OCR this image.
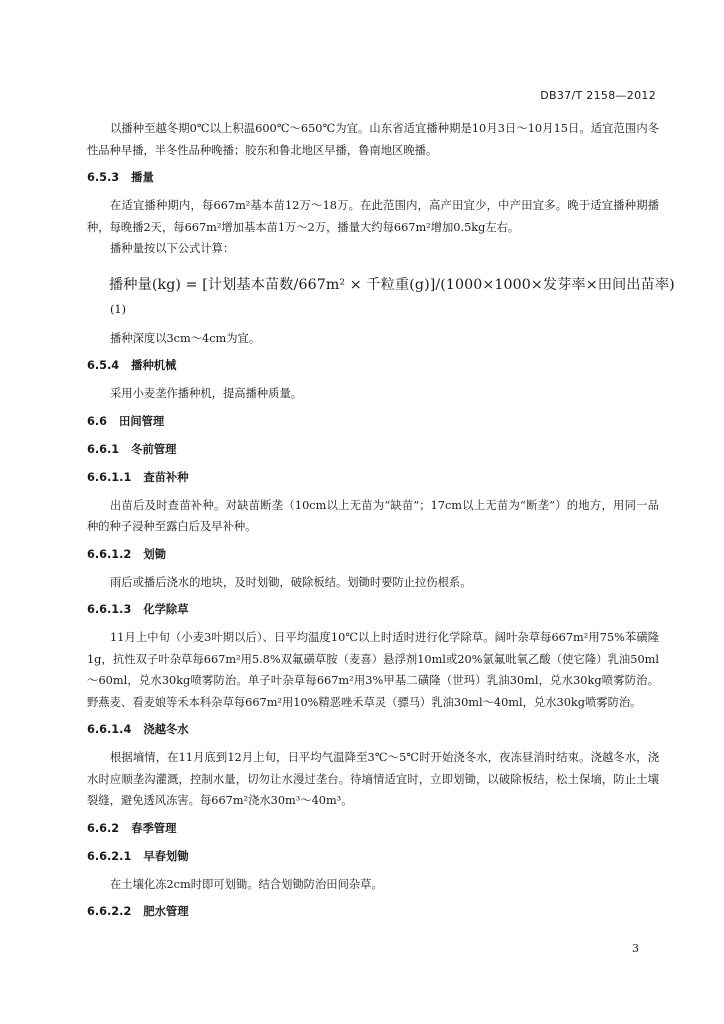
DB37/T 2158—2012

以播种至越冬期0℃以上积温600℃～650℃为宜。山东省适宜播种期是10月3日～10月15日。适宜范围内冬性品种早播，半冬性品种晚播；胶东和鲁北地区早播，鲁南地区晚播。

6.5.3 播量

在适宜播种期内，每667m²基本苗12万～18万。在此范围内，高产田宜少，中产田宜多。晚于适宜播种期播种，每晚播2天，每667m²增加基本苗1万～2万，播量大约每667m²增加0.5kg左右。

播种量按以下公式计算：

播种量(kg) = [计划基本苗数/667m² × 千粒重(g)]/(1000×1000×发芽率×田间出苗率)
(1)

播种深度以3cm～4cm为宜。

6.5.4 播种机械

采用小麦垄作播种机，提高播种质量。

6.6 田间管理
6.6.1 冬前管理
6.6.1.1 查苗补种

出苗后及时查苗补种。对缺苗断垄（10cm以上无苗为“缺苗”；17cm以上无苗为“断垄”）的地方，用同一品种的种子浸种至露白后及早补种。

6.6.1.2 划锄

雨后或播后浇水的地块，及时划锄，破除板结。划锄时要防止拉伤根系。

6.6.1.3 化学除草

11月上中旬（小麦3叶期以后）、日平均温度10℃以上时适时进行化学除草。阔叶杂草每667m²用75%苯磺隆1g，抗性双子叶杂草每667m²用5.8%双氟磺草胺（麦喜）悬浮剂10ml或20%氯氟吡氧乙酸（使它隆）乳油50ml～60ml，兑水30kg喷雾防治。单子叶杂草每667m²用3%甲基二磺隆（世玛）乳油30ml，兑水30kg喷雾防治。野燕麦、看麦娘等禾本科杂草每667m²用10%精恶唑禾草灵（骠马）乳油30ml～40ml，兑水30kg喷雾防治。

6.6.1.4 浇越冬水

根据墒情，在11月底到12月上旬，日平均气温降至3℃～5℃时开始浇冬水，夜冻昼消时结束。浇越冬水，浇水时应顺垄沟灌溉，控制水量，切勿让水漫过垄台。待墒情适宜时，立即划锄，以破除板结，松土保墒，防止土壤裂缝，避免透风冻害。每667m²浇水30m³～40m³。

6.6.2 春季管理
6.6.2.1 早春划锄

在土壤化冻2cm时即可划锄。结合划锄防治田间杂草。

6.6.2.2 肥水管理
3
